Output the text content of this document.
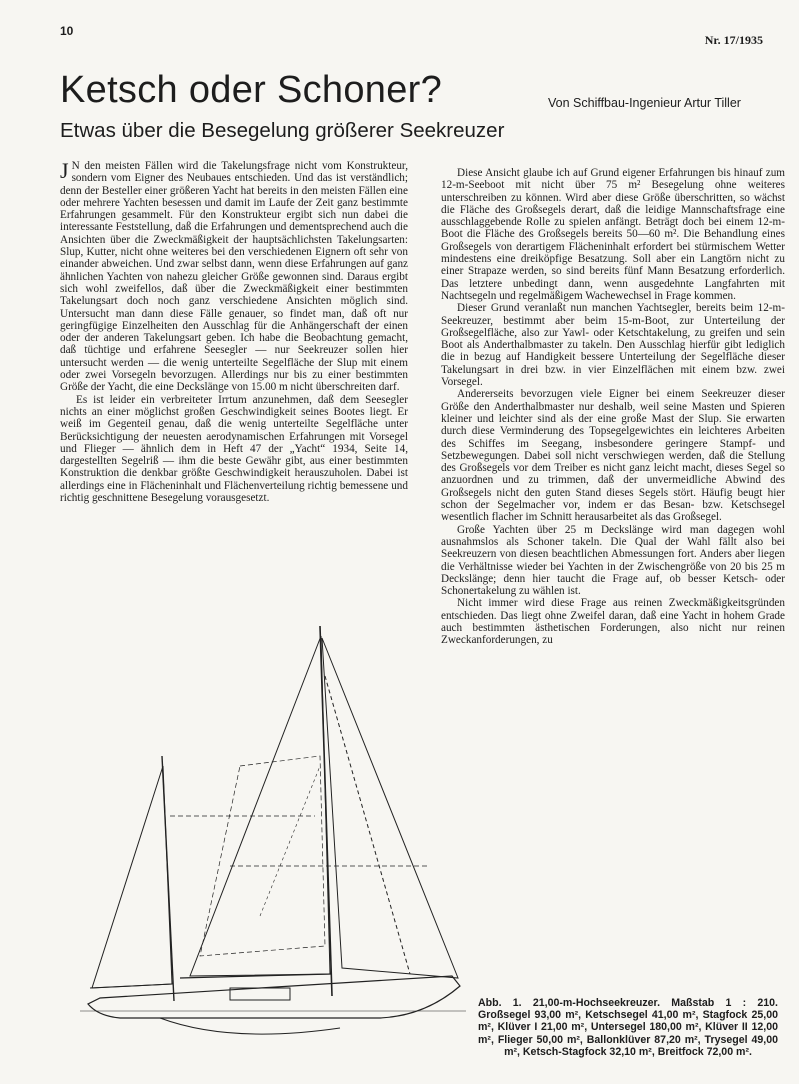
10
Nr. 17/1935
Ketsch oder Schoner?	Von Schiffbau-Ingenieur Artur Tiller
Etwas über die Besegelung größerer Seekreuzer

J N den meisten Fällen wird die Takelungsfrage nicht vom Konstrukteur, sondern vom Eigner des Neubaues entschieden. Und das ist verständlich; denn der Besteller einer größeren Yacht hat bereits in den meisten Fällen eine oder mehrere Yachten besessen und damit im Laufe der Zeit ganz bestimmte Erfahrungen gesammelt. Für den Konstrukteur ergibt sich nun dabei die interessante Feststellung, daß die Erfahrungen und dementsprechend auch die Ansichten über die Zweckmäßigkeit der hauptsächlichsten Takelungsarten: Slup, Kutter, nicht ohne weiteres bei den verschiedenen Eignern oft sehr von einander abweichen. Und zwar selbst dann, wenn diese Erfahrungen auf ganz ähnlichen Yachten von nahezu gleicher Größe gewonnen sind. Daraus ergibt sich wohl zweifellos, daß über die Zweckmäßigkeit einer bestimmten Takelungsart doch noch ganz verschiedene Ansichten möglich sind. Untersucht man dann diese Fälle genauer, so findet man, daß oft nur geringfügige Einzelheiten den Ausschlag für die Anhängerschaft der einen oder der anderen Takelungsart geben. Ich habe die Beobachtung gemacht, daß tüchtige und erfahrene Seesegler — nur Seekreuzer sollen hier untersucht werden — die wenig unterteilte Segelfläche der Slup mit einem oder zwei Vorsegeln bevorzugen. Allerdings nur bis zu einer bestimmten Größe der Yacht, die eine Deckslänge von 15.00 m nicht überschreiten darf.

Es ist leider ein verbreiteter Irrtum anzunehmen, daß dem Seesegler nichts an einer möglichst großen Geschwindigkeit seines Bootes liegt. Er weiß im Gegenteil genau, daß die wenig unterteilte Segelfläche unter Berücksichtigung der neuesten aerodynamischen Erfahrungen mit Vorsegel und Flieger — ähnlich dem in Heft 47 der „Yacht“ 1934, Seite 14, dargestellten Segelriß — ihm die beste Gewähr gibt, aus einer bestimmten Konstruktion die denkbar größte Geschwindigkeit herauszuholen. Dabei ist allerdings eine in Flächeninhalt und Flächenverteilung richtig bemessene und richtig geschnittene Besegelung vorausgesetzt.

Diese Ansicht glaube ich auf Grund eigener Erfahrungen bis hinauf zum 12-m-Seeboot mit nicht über 75 m² Besegelung ohne weiteres unterschreiben zu können. Wird aber diese Größe überschritten, so wächst die Fläche des Großsegels derart, daß die leidige Mannschaftsfrage eine ausschlaggebende Rolle zu spielen anfängt. Beträgt doch bei einem 12-m-Boot die Fläche des Großsegels bereits 50—60 m². Die Behandlung eines Großsegels von derartigem Flächeninhalt erfordert bei stürmischem Wetter mindestens eine dreiköpfige Besatzung. Soll aber ein Langtörn nicht zu einer Strapaze werden, so sind bereits fünf Mann Besatzung erforderlich. Das letztere unbedingt dann, wenn ausgedehnte Langfahrten mit Nachtsegeln und regelmäßigem Wachewechsel in Frage kommen.

Dieser Grund veranlaßt nun manchen Yachtsegler, bereits beim 12-m-Seekreuzer, bestimmt aber beim 15-m-Boot, zur Unterteilung der Großsegelfläche, also zur Yawl- oder Ketschtakelung, zu greifen und sein Boot als Anderthalbmaster zu takeln. Den Ausschlag hierfür gibt lediglich die in bezug auf Handigkeit bessere Unterteilung der Segelfläche dieser Takelungsart in drei bzw. in vier Einzelflächen mit einem bzw. zwei Vorsegel.

Andererseits bevorzugen viele Eigner bei einem Seekreuzer dieser Größe den Anderthalbmaster nur deshalb, weil seine Masten und Spieren kleiner und leichter sind als der eine große Mast der Slup. Sie erwarten durch diese Verminderung des Topsegelgewichtes ein leichteres Arbeiten des Schiffes im Seegang, insbesondere geringere Stampf- und Setzbewegungen. Dabei soll nicht verschwiegen werden, daß die Stellung des Großsegels vor dem Treiber es nicht ganz leicht macht, dieses Segel so anzuordnen und zu trimmen, daß der unvermeidliche Abwind des Großsegels nicht den guten Stand dieses Segels stört. Häufig beugt hier schon der Segelmacher vor, indem er das Besan- bzw. Ketschsegel wesentlich flacher im Schnitt herausarbeitet als das Großsegel.

Große Yachten über 25 m Deckslänge wird man dagegen wohl ausnahmslos als Schoner takeln. Die Qual der Wahl fällt also bei Seekreuzern von diesen beachtlichen Abmessungen fort. Anders aber liegen die Verhältnisse wieder bei Yachten in der Zwischengröße von 20 bis 25 m Deckslänge; denn hier taucht die Frage auf, ob besser Ketsch- oder Schonertakelung zu wählen ist.

Nicht immer wird diese Frage aus reinen Zweckmäßigkeitsgründen entschieden. Das liegt ohne Zweifel daran, daß eine Yacht in hohem Grade auch bestimmten ästhetischen Forderungen, also nicht nur reinen Zweckanforderungen, zu

Abb. 1. 21,00-m-Hochseekreuzer. Maßstab 1 : 210. Großsegel 93,00 m², Ketschsegel 41,00 m², Stagfock 25,00 m², Klüver I 21,00 m², Untersegel 180,00 m², Klüver II 12,00 m², Flieger 50,00 m², Ballonklüver 87,20 m², Trysegel 49,00 m², Ketsch-Stagfock 32,10 m², Breitfock 72,00 m².
